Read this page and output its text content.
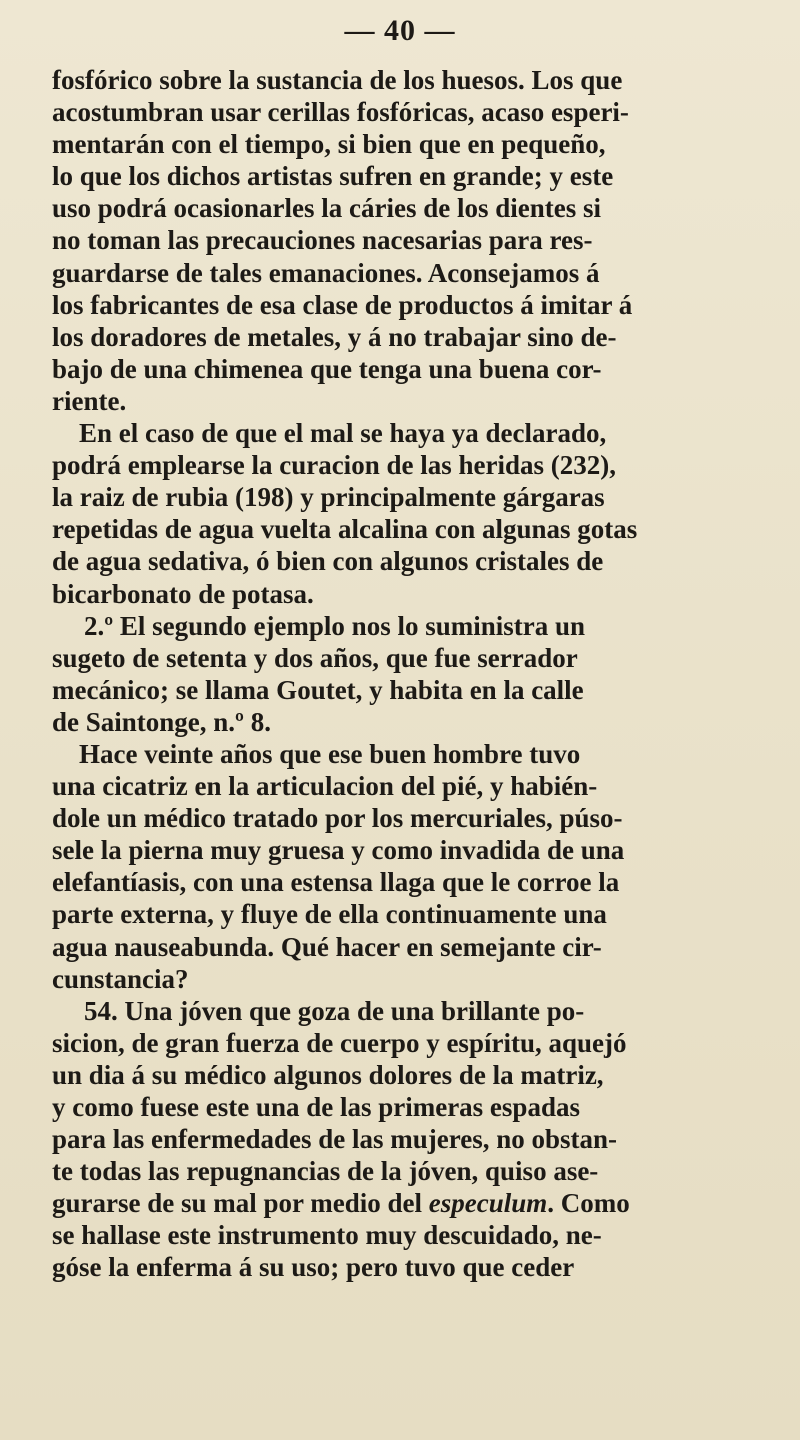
— 40 —
fosfórico sobre la sustancia de los huesos. Los que
acostumbran usar cerillas fosfóricas, acaso esperi-
mentarán con el tiempo, si bien que en pequeño,
lo que los dichos artistas sufren en grande; y este
uso podrá ocasionarles la cáries de los dientes si
no toman las precauciones nacesarias para res-
guardarse de tales emanaciones. Aconsejamos á
los fabricantes de esa clase de productos á imitar á
los doradores de metales, y á no trabajar sino de-
bajo de una chimenea que tenga una buena cor-
riente.
En el caso de que el mal se haya ya declarado,
podrá emplearse la curacion de las heridas (232),
la raiz de rubia (198) y principalmente gárgaras
repetidas de agua vuelta alcalina con algunas gotas
de agua sedativa, ó bien con algunos cristales de
bicarbonato de potasa.
2.º El segundo ejemplo nos lo suministra un
sugeto de setenta y dos años, que fue serrador
mecánico; se llama Goutet, y habita en la calle
de Saintonge, n.º 8.
Hace veinte años que ese buen hombre tuvo
una cicatriz en la articulacion del pié, y habién-
dole un médico tratado por los mercuriales, púso-
sele la pierna muy gruesa y como invadida de una
elefantíasis, con una estensa llaga que le corroe la
parte externa, y fluye de ella continuamente una
agua nauseabunda. Qué hacer en semejante cir-
cunstancia?
54. Una jóven que goza de una brillante po-
sicion, de gran fuerza de cuerpo y espíritu, aquejó
un dia á su médico algunos dolores de la matriz,
y como fuese este una de las primeras espadas
para las enfermedades de las mujeres, no obstan-
te todas las repugnancias de la jóven, quiso ase-
gurarse de su mal por medio del especulum. Como
se hallase este instrumento muy descuidado, ne-
góse la enferma á su uso; pero tuvo que ceder
